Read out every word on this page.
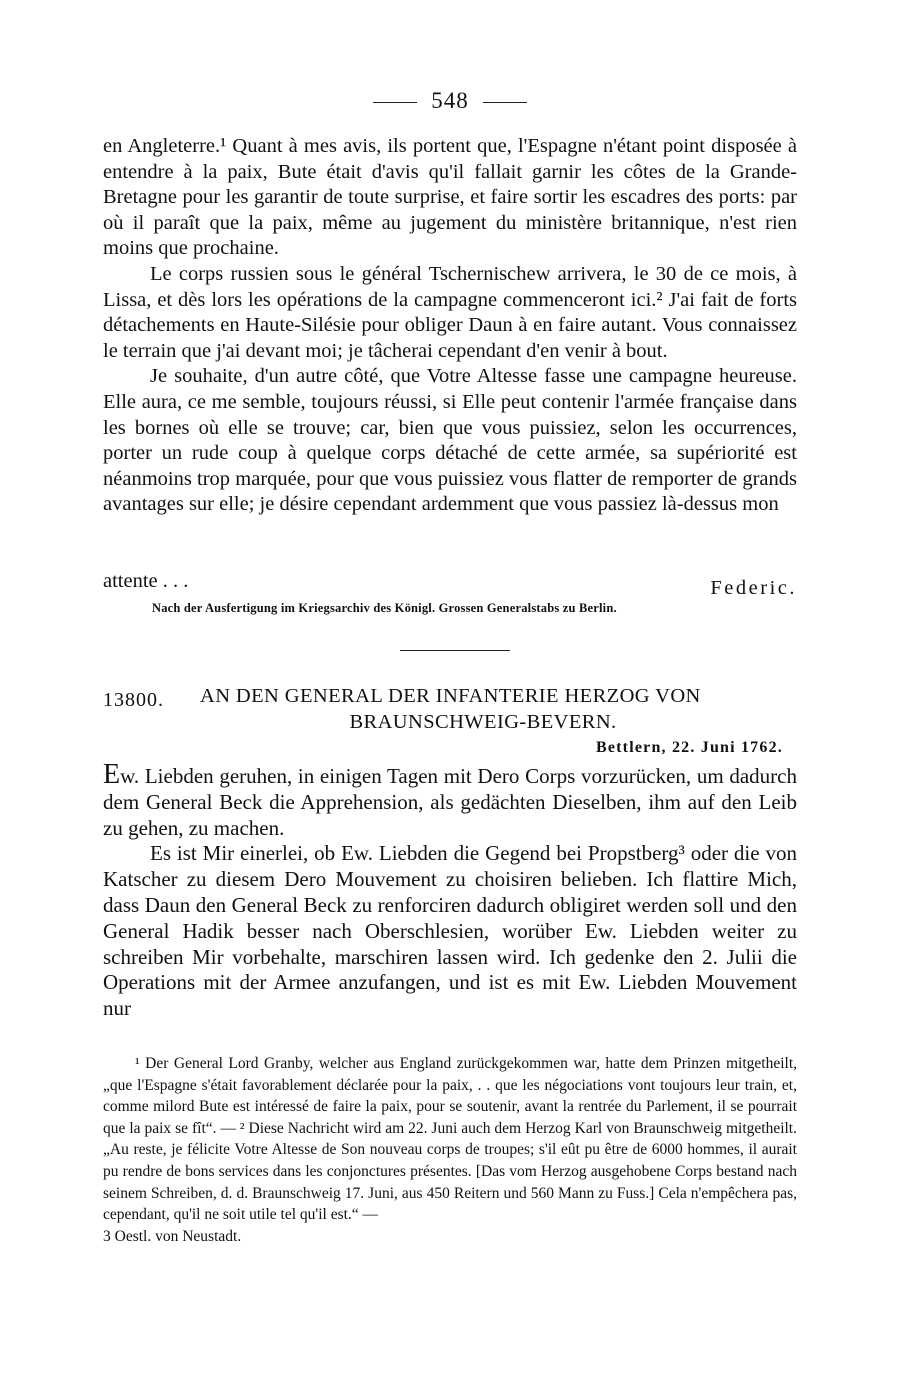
548

en Angleterre.¹ Quant à mes avis, ils portent que, l'Espagne n'étant point disposée à entendre à la paix, Bute était d'avis qu'il fallait garnir les côtes de la Grande-Bretagne pour les garantir de toute surprise, et faire sortir les escadres des ports: par où il paraît que la paix, même au jugement du ministère britannique, n'est rien moins que prochaine.

Le corps russien sous le général Tschernischew arrivera, le 30 de ce mois, à Lissa, et dès lors les opérations de la campagne commenceront ici.² J'ai fait de forts détachements en Haute-Silésie pour obliger Daun à en faire autant. Vous connaissez le terrain que j'ai devant moi; je tâcherai cependant d'en venir à bout.

Je souhaite, d'un autre côté, que Votre Altesse fasse une campagne heureuse. Elle aura, ce me semble, toujours réussi, si Elle peut contenir l'armée française dans les bornes où elle se trouve; car, bien que vous puissiez, selon les occurrences, porter un rude coup à quelque corps détaché de cette armée, sa supériorité est néanmoins trop marquée, pour que vous puissiez vous flatter de remporter de grands avantages sur elle; je désire cependant ardemment que vous passiez là-dessus mon

attente . . .	Federic.
Nach der Ausfertigung im Kriegsarchiv des Königl. Grossen Generalstabs zu Berlin.
13800. AN DEN GENERAL DER INFANTERIE HERZOG VON
BRAUNSCHWEIG-BEVERN.
Bettlern, 22. Juni 1762.

Ew. Liebden geruhen, in einigen Tagen mit Dero Corps vorzurücken, um dadurch dem General Beck die Apprehension, als gedächten Dieselben, ihm auf den Leib zu gehen, zu machen.

Es ist Mir einerlei, ob Ew. Liebden die Gegend bei Propstberg³ oder die von Katscher zu diesem Dero Mouvement zu choisiren belieben. Ich flattire Mich, dass Daun den General Beck zu renforciren dadurch obligiret werden soll und den General Hadik besser nach Oberschlesien, worüber Ew. Liebden weiter zu schreiben Mir vorbehalte, marschiren lassen wird. Ich gedenke den 2. Julii die Operations mit der Armee anzufangen, und ist es mit Ew. Liebden Mouvement nur

¹ Der General Lord Granby, welcher aus England zurückgekommen war, hatte dem Prinzen mitgetheilt, „que l'Espagne s'était favorablement déclarée pour la paix, . . que les négociations vont toujours leur train, et, comme milord Bute est intéressé de faire la paix, pour se soutenir, avant la rentrée du Parlement, il se pourrait que la paix se fît“. — ² Diese Nachricht wird am 22. Juni auch dem Herzog Karl von Braunschweig mitgetheilt. „Au reste, je félicite Votre Altesse de Son nouveau corps de troupes; s'il eût pu être de 6000 hommes, il aurait pu rendre de bons services dans les conjonctures présentes. [Das vom Herzog ausgehobene Corps bestand nach seinem Schreiben, d. d. Braunschweig 17. Juni, aus 450 Reitern und 560 Mann zu Fuss.] Cela n'empêchera pas, cependant, qu'il ne soit utile tel qu'il est.“ —

3 Oestl. von Neustadt.
